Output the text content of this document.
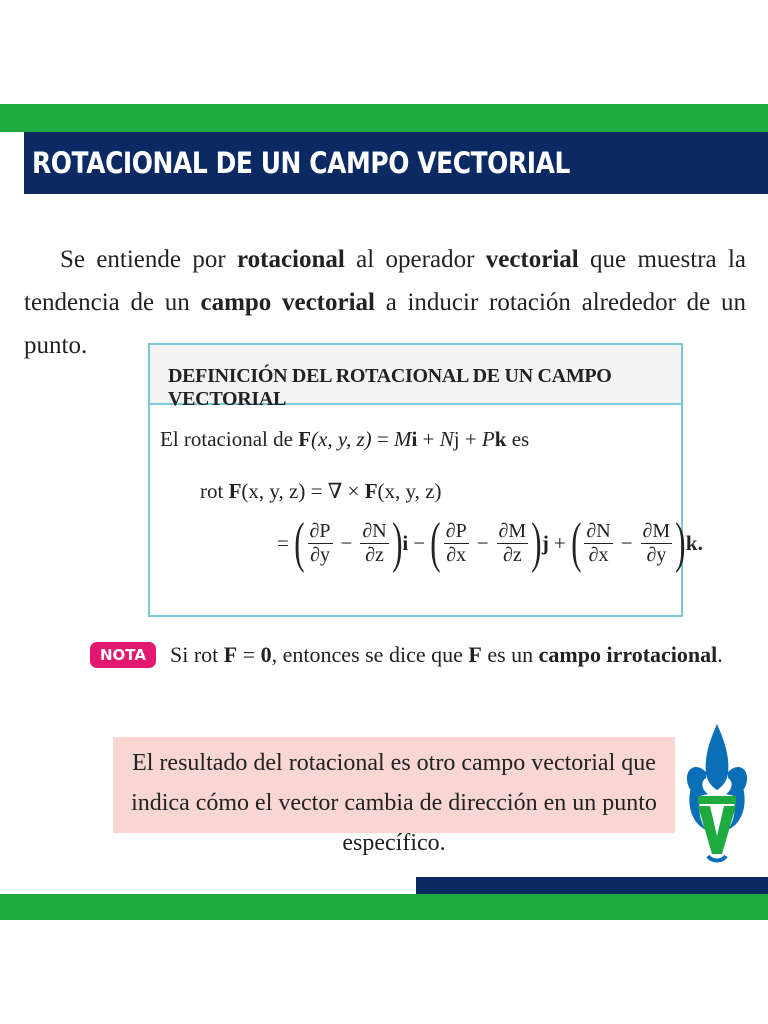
ROTACIONAL DE UN CAMPO VECTORIAL
Se entiende por rotacional al operador vectorial que muestra la tendencia de un campo vectorial a inducir rotación alrededor de un punto.
DEFINICIÓN DEL ROTACIONAL DE UN CAMPO VECTORIAL
El rotacional de F(x, y, z) = Mi + Nj + Pk es
rot F(x, y, z) = ∇ × F(x, y, z)
= ( $\frac{\partial P}{\partial y} - \frac{\partial N}{\partial z}$ ) i − ( $\frac{\partial P}{\partial x} - \frac{\partial M}{\partial z}$ ) j + ( $\frac{\partial N}{\partial x} - \frac{\partial M}{\partial y}$ ) k .
NOTA	Si rot F = 0, entonces se dice que F es un campo irrotacional.

El resultado del rotacional es otro campo vectorial que indica cómo el vector cambia de dirección en un punto específico.
